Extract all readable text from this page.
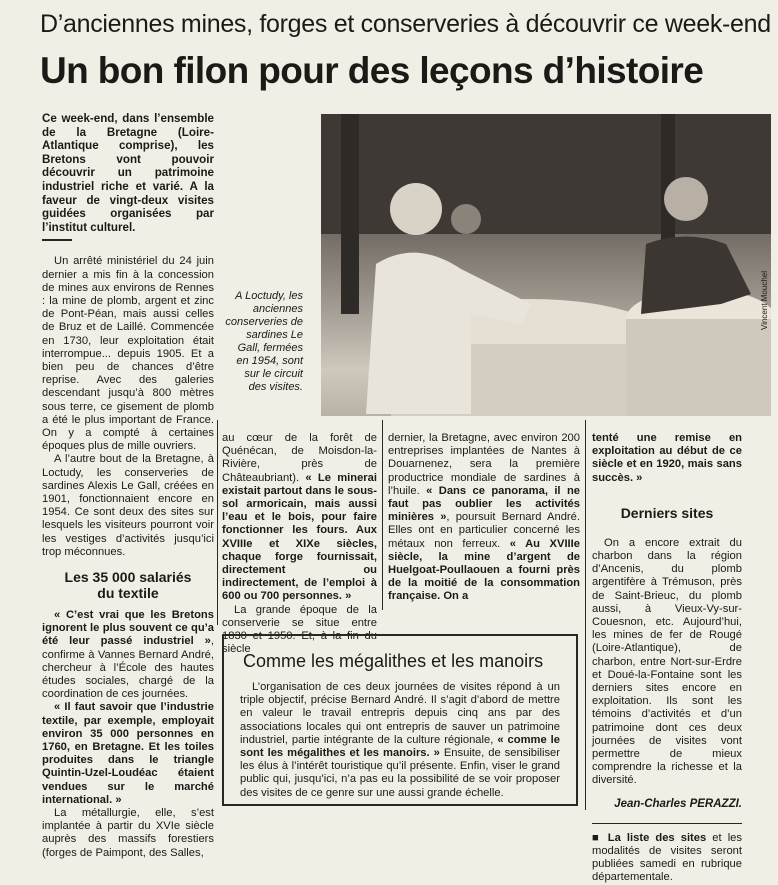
D’anciennes mines, forges et conserveries à découvrir ce week-end
Un bon filon pour des leçons d’histoire

Ce week-end, dans l’ensemble de la Bretagne (Loire-Atlantique comprise), les Bretons vont pouvoir découvrir un patrimoine industriel riche et varié. A la faveur de vingt-deux visites guidées organisées par l’institut culturel.

Un arrêté ministériel du 24 juin dernier a mis fin à la concession de mines aux environs de Rennes : la mine de plomb, argent et zinc de Pont-Péan, mais aussi celles de Bruz et de Laillé. Commencée en 1730, leur exploitation était interrompue... depuis 1905. Et a bien peu de chances d’être reprise. Avec des galeries descendant jusqu’à 800 mètres sous terre, ce gisement de plomb a été le plus important de France. On y a compté à certaines époques plus de mille ouvriers.

A l’autre bout de la Bretagne, à Loctudy, les conserveries de sardines Alexis Le Gall, créées en 1901, fonctionnaient encore en 1954. Ce sont deux des sites sur lesquels les visiteurs pourront voir les vestiges d’activités jusqu’ici trop méconnues.

Les 35 000 salariés du textile

« C’est vrai que les Bretons ignorent le plus souvent ce qu’a été leur passé industriel », confirme à Vannes Bernard André, chercheur à l’École des hautes études sociales, chargé de la coordination de ces journées.

« Il faut savoir que l’industrie textile, par exemple, employait environ 35 000 personnes en 1760, en Bretagne. Et les toiles produites dans le triangle Quintin-Uzel-Loudéac étaient vendues sur le marché international. »

La métallurgie, elle, s’est implantée à partir du XVIe siècle auprès des massifs forestiers (forges de Paimpont, des Salles,

A Loctudy, les anciennes conserveries de sardines Le Gall, fermées en 1954, sont sur le circuit des visites.
Vincent Mouchel

au cœur de la forêt de Quénécan, de Moisdon-la-Rivière, près de Châteaubriant). « Le minerai existait partout dans le sous-sol armoricain, mais aussi l’eau et le bois, pour faire fonctionner les fours. Aux XVIIIe et XIXe siècles, chaque forge fournissait, directement ou indirectement, de l’emploi à 600 ou 700 personnes. »

La grande époque de la conserverie se situe entre 1830 et 1950. Et, à la fin du siècle

dernier, la Bretagne, avec environ 200 entreprises implantées de Nantes à Douarnenez, sera la première productrice mondiale de sardines à l’huile. « Dans ce panorama, il ne faut pas oublier les activités minières », poursuit Bernard André. Elles ont en particulier concerné les métaux non ferreux. « Au XVIIIe siècle, la mine d’argent de Huelgoat-Poullaouen a fourni près de la moitié de la consommation française. On a

tenté une remise en exploitation au début de ce siècle et en 1920, mais sans succès. »

Derniers sites

On a encore extrait du charbon dans la région d’Ancenis, du plomb argentifère à Trémuson, près de Saint-Brieuc, du plomb aussi, à Vieux-Vy-sur-Couesnon, etc. Aujourd’hui, les mines de fer de Rougé (Loire-Atlantique), de charbon, entre Nort-sur-Erdre et Doué-la-Fontaine sont les derniers sites encore en exploitation. Ils sont les témoins d’activités et d’un patrimoine dont ces deux journées de visites vont permettre de mieux comprendre la richesse et la diversité.

Jean-Charles PERAZZI.

■ La liste des sites et les modalités de visites seront publiées samedi en rubrique départementale.

Comme les mégalithes et les manoirs

L’organisation de ces deux journées de visites répond à un triple objectif, précise Bernard André. Il s’agit d’abord de mettre en valeur le travail entrepris depuis cinq ans par des associations locales qui ont entrepris de sauver un patrimoine industriel, partie intégrante de la culture régionale, « comme le sont les mégalithes et les manoirs. » Ensuite, de sensibiliser les élus à l’intérêt touristique qu’il présente. Enfin, viser le grand public qui, jusqu’ici, n’a pas eu la possibilité de se voir proposer des visites de ce genre sur une aussi grande échelle.
